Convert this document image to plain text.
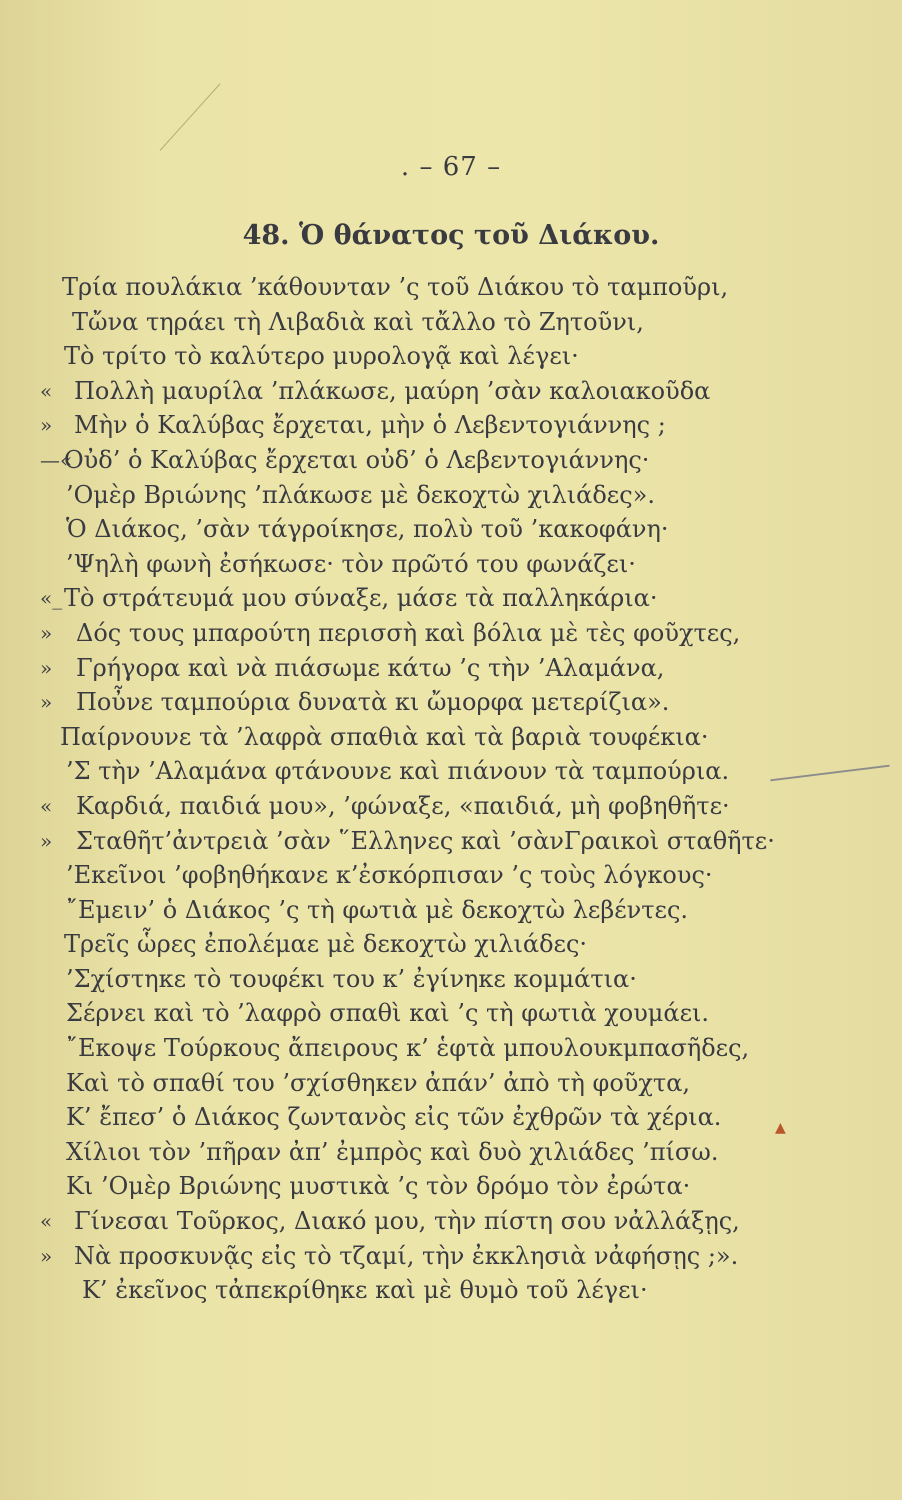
. – 67 –
48. Ὁ θάνατος τοῦ Διάκου.
Τρία πουλάκια ’κάθουνταν ’ς τοῦ Διάκου τὸ ταμποῦρι,
Τὤνα τηράει τὴ Λιβαδιὰ καὶ τἄλλο τὸ Ζητοῦνι,
Τὸ τρίτο τὸ καλύτερο μυρολογᾷ καὶ λέγει·
« Πολλὴ μαυρίλα ’πλάκωσε, μαύρη ’σὰν καλοιακοῦδα
» Μὴν ὁ Καλύβας ἔρχεται, μὴν ὁ Λεβεντογιάννης ;
—«
Οὐδ’ ὁ Καλύβας ἔρχεται οὐδ’ ὁ Λεβεντογιάννης·
’Ομὲρ Βριώνης ’πλάκωσε μὲ δεκοχτὼ χιλιάδες».
Ὁ Διάκος, ’σὰν τάγροίκησε, πολὺ τοῦ ’κακοφάνη·
’Ψηλὴ φωνὴ ἐσήκωσε· τὸν πρῶτό του φωνάζει·
«_ Τὸ στράτευμά μου σύναξε, μάσε τὰ παλληκάρια·
» Δός τους μπαρούτη περισσὴ καὶ βόλια μὲ τὲς φοῦχτες,
» Γρήγορα καὶ νὰ πιάσωμε κάτω ’ς τὴν ’Αλαμάνα,
» Ποὖνε ταμπούρια δυνατὰ κι ὤμορφα μετερίζια».
Παίρνουνε τὰ ’λαφρὰ σπαθιὰ καὶ τὰ βαριὰ τουφέκια·
’Σ τὴν ’Αλαμάνα φτάνουνε καὶ πιάνουν τὰ ταμπούρια.
« Καρδιά, παιδιά μου», ’φώναξε, «παιδιά, μὴ φοβηθῆτε·
» Σταθῆτ’ἀντρειὰ ’σὰν ῞Ελληνες καὶ ’σὰνΓραικοὶ σταθῆτε·
’Εκεῖνοι ’φοβηθήκανε κ’ἐσκόρπισαν ’ς τοὺς λόγκους·
῎Εμειν’ ὁ Διάκος ’ς τὴ φωτιὰ μὲ δεκοχτὼ λεβέντες.
Τρεῖς ὧρες ἐπολέμαε μὲ δεκοχτὼ χιλιάδες·
’Σχίστηκε τὸ τουφέκι του κ’ ἐγίνηκε κομμάτια·
Σέρνει καὶ τὸ ’λαφρὸ σπαθὶ καὶ ’ς τὴ φωτιὰ χουμάει.
῎Εκοψε Τούρκους ἄπειρους κ’ ἑφτὰ μπουλουκμπασῆδες,
Καὶ τὸ σπαθί του ’σχίσθηκεν ἀπάν’ ἀπὸ τὴ φοῦχτα,
Κ’ ἔπεσ’ ὁ Διάκος ζωντανὸς εἰς τῶν ἐχθρῶν τὰ χέρια.
Χίλιοι τὸν ’πῆραν ἀπ’ ἐμπρὸς καὶ δυὸ χιλιάδες ’πίσω.
Κι ’Ομὲρ Βριώνης μυστικὰ ’ς τὸν δρόμο τὸν ἐρώτα·
« Γίνεσαι Τοῦρκος, Διακό μου, τὴν πίστη σου νἀλλάξῃς,
» Νὰ προσκυνᾷς εἰς τὸ τζαμί, τὴν ἐκκλησιὰ νἀφήσῃς ;».
Κ’ ἐκεῖνος τἀπεκρίθηκε καὶ μὲ θυμὸ τοῦ λέγει·
▲
